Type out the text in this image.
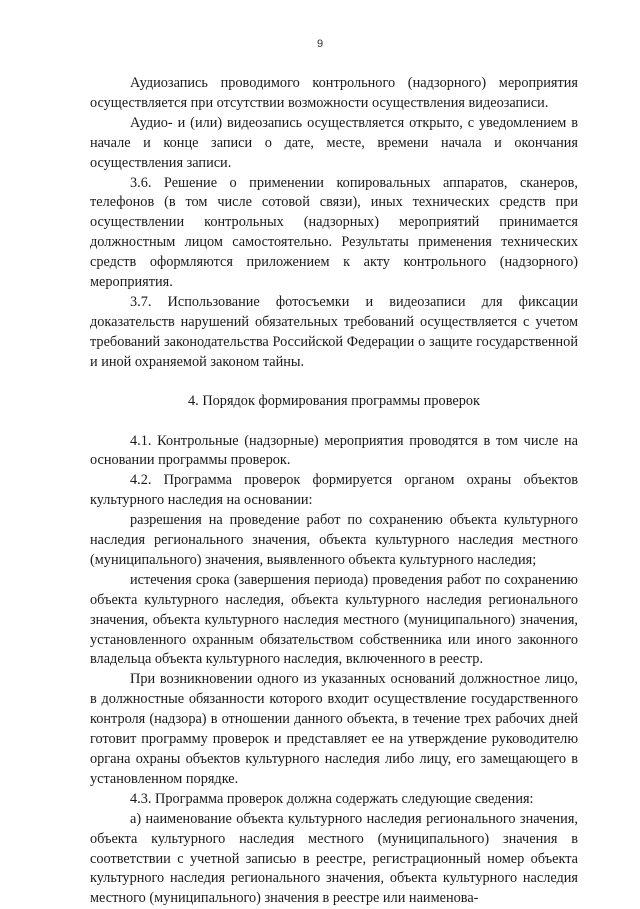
9

Аудиозапись проводимого контрольного (надзорного) мероприятия осуществляется при отсутствии возможности осуществления видеозаписи.

Аудио- и (или) видеозапись осуществляется открыто, с уведомлением в начале и конце записи о дате, месте, времени начала и окончания осуществления записи.

3.6. Решение о применении копировальных аппаратов, сканеров, телефонов (в том числе сотовой связи), иных технических средств при осуществлении контрольных (надзорных) мероприятий принимается должностным лицом самостоятельно. Результаты применения технических средств оформляются приложением к акту контрольного (надзорного) мероприятия.

3.7. Использование фотосъемки и видеозаписи для фиксации доказательств нарушений обязательных требований осуществляется с учетом требований законодательства Российской Федерации о защите государственной и иной охраняемой законом тайны.

4. Порядок формирования программы проверок

4.1. Контрольные (надзорные) мероприятия проводятся в том числе на основании программы проверок.

4.2. Программа проверок формируется органом охраны объектов культурного наследия на основании:

разрешения на проведение работ по сохранению объекта культурного наследия регионального значения, объекта культурного наследия местного (муниципального) значения, выявленного объекта культурного наследия;

истечения срока (завершения периода) проведения работ по сохранению объекта культурного наследия, объекта культурного наследия регионального значения, объекта культурного наследия местного (муниципального) значения, установленного охранным обязательством собственника или иного законного владельца объекта культурного наследия, включенного в реестр.

При возникновении одного из указанных оснований должностное лицо, в должностные обязанности которого входит осуществление государственного контроля (надзора) в отношении данного объекта, в течение трех рабочих дней готовит программу проверок и представляет ее на утверждение руководителю органа охраны объектов культурного наследия либо лицу, его замещающего в установленном порядке.

4.3. Программа проверок должна содержать следующие сведения:

а) наименование объекта культурного наследия регионального значения, объекта культурного наследия местного (муниципального) значения в соответствии с учетной записью в реестре, регистрационный номер объекта культурного наследия регионального значения, объекта культурного наследия местного (муниципального) значения в реестре или наименова-
